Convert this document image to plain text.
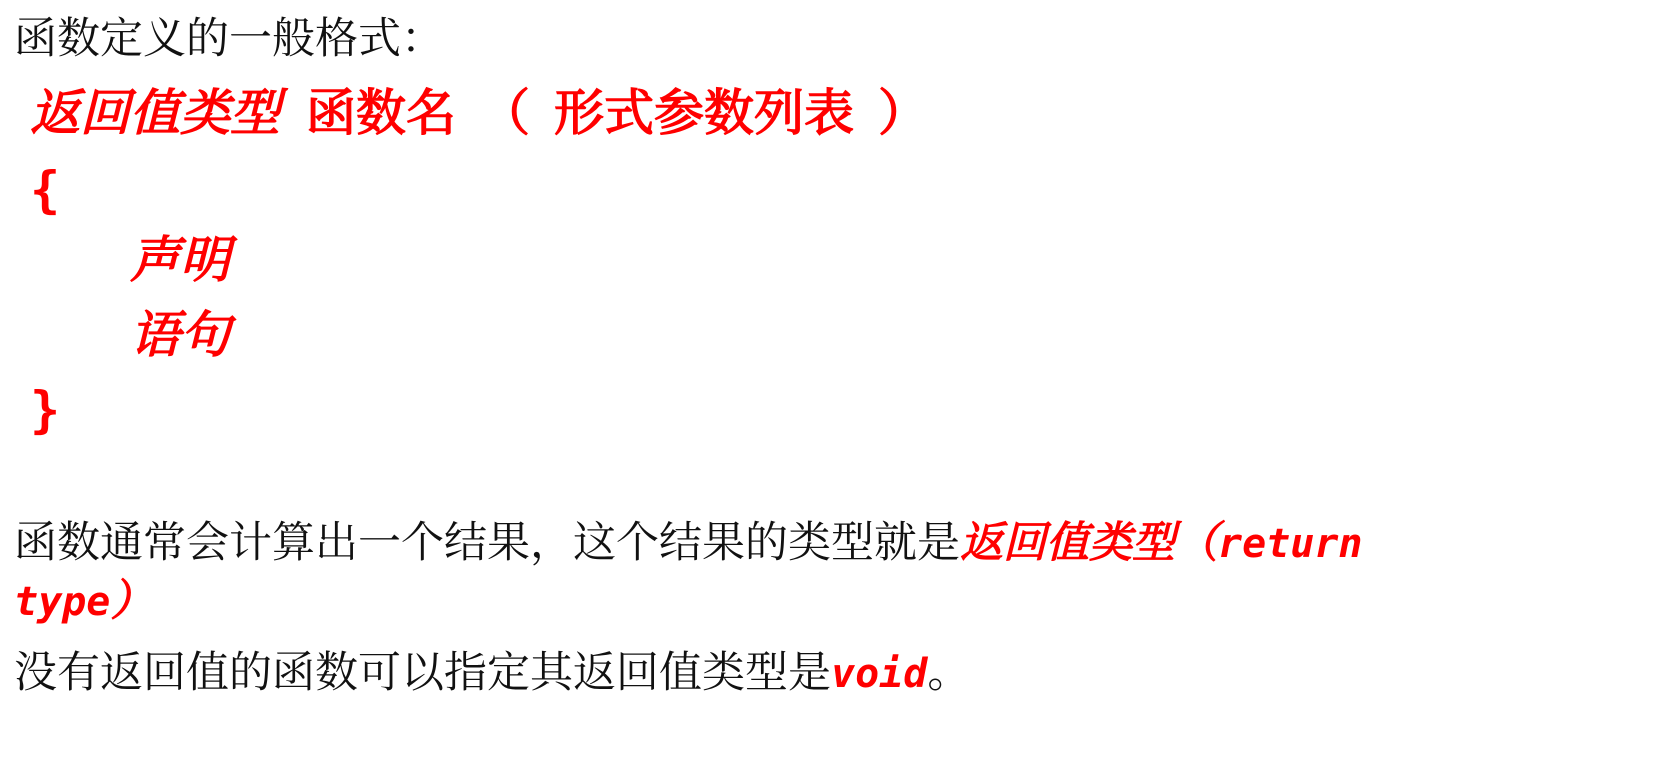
函数定义的一般格式：
返回值类型 函数名 （ 形式参数列表 ）
{
声明
语句
}
函数通常会计算出一个结果，这个结果的类型就是返回值类型（return
type）
没有返回值的函数可以指定其返回值类型是void。
